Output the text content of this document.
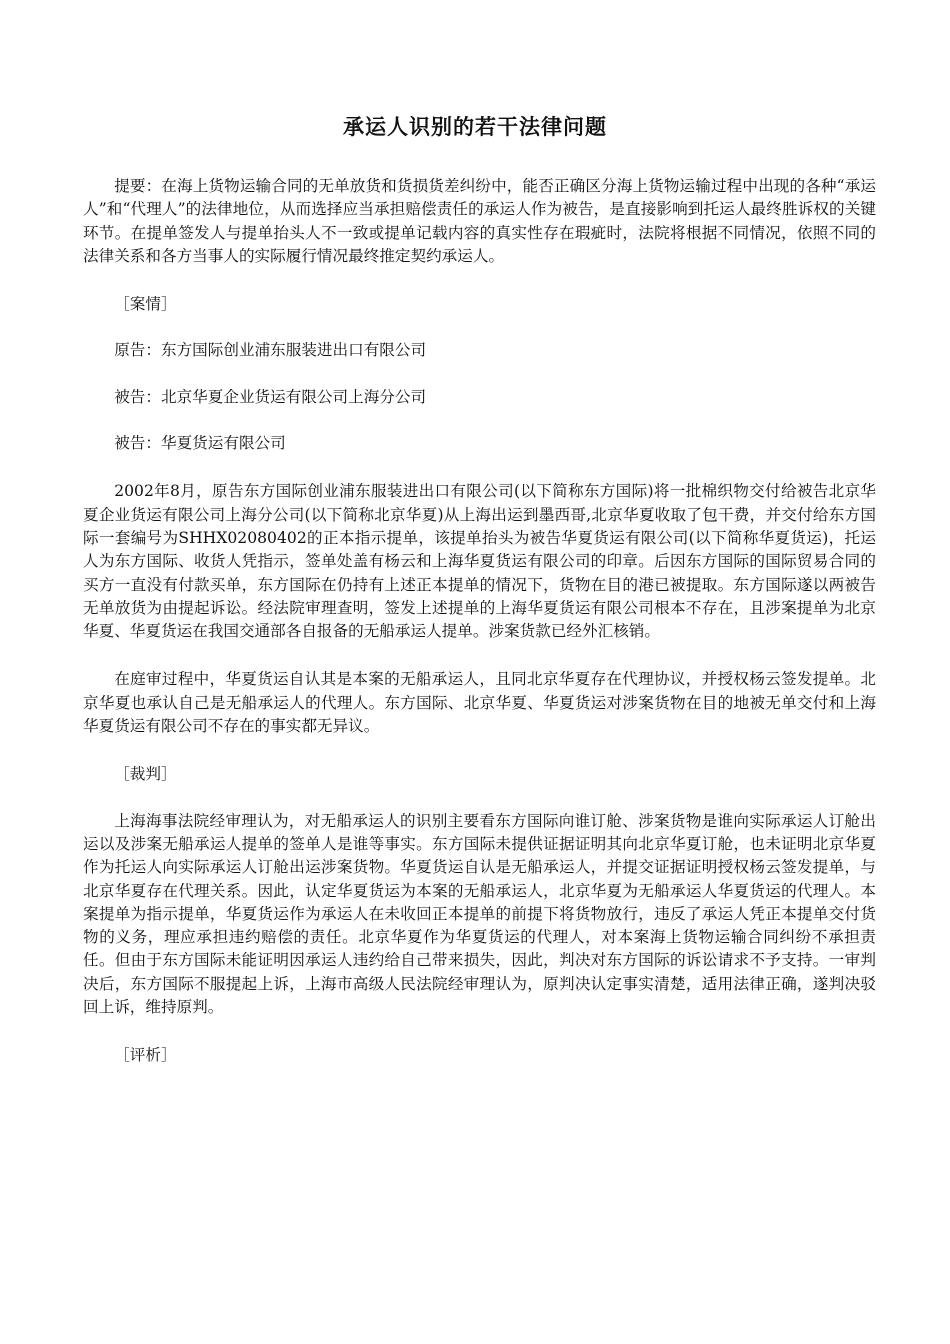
承运人识别的若干法律问题

提要：在海上货物运输合同的无单放货和货损货差纠纷中，能否正确区分海上货物运输过程中出现的各种“承运人”和“代理人”的法律地位，从而选择应当承担赔偿责任的承运人作为被告，是直接影响到托运人最终胜诉权的关键环节。在提单签发人与提单抬头人不一致或提单记载内容的真实性存在瑕疵时，法院将根据不同情况，依照不同的法律关系和各方当事人的实际履行情况最终推定契约承运人。

［案情］

原告：东方国际创业浦东服装进出口有限公司

被告：北京华夏企业货运有限公司上海分公司

被告：华夏货运有限公司

2002年8月，原告东方国际创业浦东服装进出口有限公司(以下简称东方国际)将一批棉织物交付给被告北京华夏企业货运有限公司上海分公司(以下简称北京华夏)从上海出运到墨西哥,北京华夏收取了包干费，并交付给东方国际一套编号为SHHX02080402的正本指示提单，该提单抬头为被告华夏货运有限公司(以下简称华夏货运)，托运人为东方国际、收货人凭指示，签单处盖有杨云和上海华夏货运有限公司的印章。后因东方国际的国际贸易合同的买方一直没有付款买单，东方国际在仍持有上述正本提单的情况下，货物在目的港已被提取。东方国际遂以两被告无单放货为由提起诉讼。经法院审理查明，签发上述提单的上海华夏货运有限公司根本不存在，且涉案提单为北京华夏、华夏货运在我国交通部各自报备的无船承运人提单。涉案货款已经外汇核销。

在庭审过程中，华夏货运自认其是本案的无船承运人，且同北京华夏存在代理协议，并授权杨云签发提单。北京华夏也承认自己是无船承运人的代理人。东方国际、北京华夏、华夏货运对涉案货物在目的地被无单交付和上海华夏货运有限公司不存在的事实都无异议。

［裁判］

上海海事法院经审理认为，对无船承运人的识别主要看东方国际向谁订舱、涉案货物是谁向实际承运人订舱出运以及涉案无船承运人提单的签单人是谁等事实。东方国际未提供证据证明其向北京华夏订舱，也未证明北京华夏作为托运人向实际承运人订舱出运涉案货物。华夏货运自认是无船承运人，并提交证据证明授权杨云签发提单，与北京华夏存在代理关系。因此，认定华夏货运为本案的无船承运人，北京华夏为无船承运人华夏货运的代理人。本案提单为指示提单，华夏货运作为承运人在未收回正本提单的前提下将货物放行，违反了承运人凭正本提单交付货物的义务，理应承担违约赔偿的责任。北京华夏作为华夏货运的代理人，对本案海上货物运输合同纠纷不承担责任。但由于东方国际未能证明因承运人违约给自己带来损失，因此，判决对东方国际的诉讼请求不予支持。一审判决后，东方国际不服提起上诉，上海市高级人民法院经审理认为，原判决认定事实清楚，适用法律正确，遂判决驳回上诉，维持原判。

［评析］
